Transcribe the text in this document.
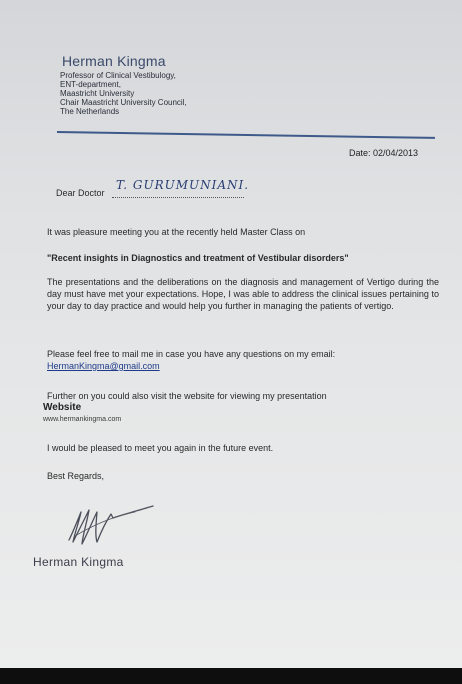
Herman Kingma
Professor of Clinical Vestibulogy,
ENT-department,
Maastricht University
Chair Maastricht University Council,
The Netherlands
Date: 02/04/2013
Dear Doctor
T. GURUMUNIANI.
It was pleasure meeting you at the recently held Master Class on
"Recent insights in Diagnostics and treatment of Vestibular disorders"
The presentations and the deliberations on the diagnosis and management of Vertigo during the day must have met your expectations. Hope, I was able to address the clinical issues pertaining to your day to day practice and would help you further in managing the patients of vertigo.
Please feel free to mail me in case you have any questions on my email:
HermanKingma@gmail.com
Further on you could also visit the website for viewing my presentation
Website
www.hermankingma.com
I would be pleased to meet you again in the future event.
Best Regards,
Herman Kingma
